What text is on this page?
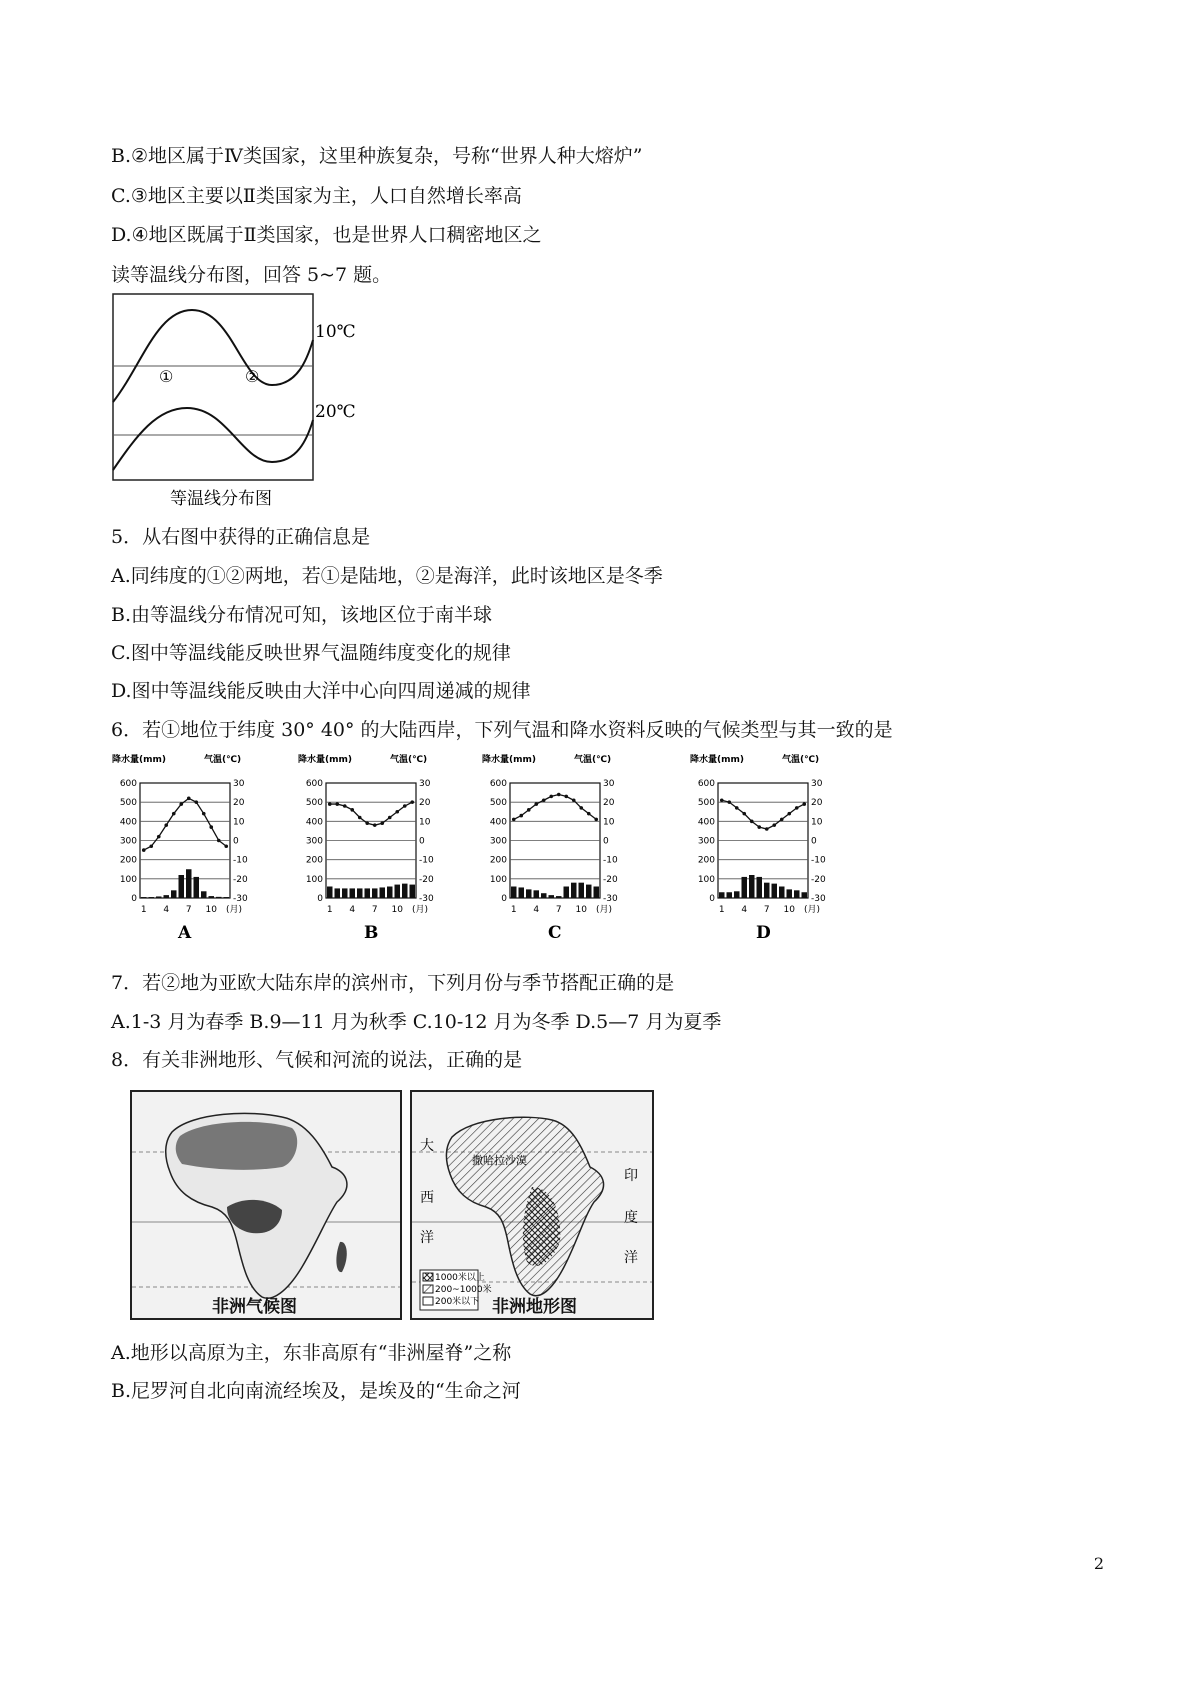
B.②地区属于Ⅳ类国家，这里种族复杂，号称“世界人种大熔炉”
C.③地区主要以Ⅱ类国家为主，人口自然增长率高
D.④地区既属于Ⅱ类国家，也是世界人口稠密地区之
读等温线分布图，回答 5~7 题。
10℃
20℃
①	②
等温线分布图
5．从右图中获得的正确信息是
A.同纬度的①②两地，若①是陆地，②是海洋，此时该地区是冬季
B.由等温线分布情况可知，该地区位于南半球
C.图中等温线能反映世界气温随纬度变化的规律
D.图中等温线能反映由大洋中心向四周递减的规律
6．若①地位于纬度 30° 40° 的大陆西岸，下列气温和降水资料反映的气候类型与其一致的是
降水量(mm)	气温(℃)
600	30
500	20
400	10
300	0
200	-10
100	-20
0	-30
1 4 7 10 (月)
A
降水量(mm)	气温(℃)
600	30
500	20
400	10
300	0
200	-10
100	-20
0	-30
1 4 7 10 (月)
B
降水量(mm)	气温(℃)
600	30
500	20
400	10
300	0
200	-10
100	-20
0	-30
1 4 7 10 (月)
C
降水量(mm)	气温(℃)
600	30
500	20
400	10
300	0
200	-10
100	-20
0	-30
1 4 7 10 (月)
D
7．若②地为亚欧大陆东岸的滨州市，下列月份与季节搭配正确的是
A.1-3 月为春季 B.9—11 月为秋季 C.10-12 月为冬季 D.5—7 月为夏季
8．有关非洲地形、气候和河流的说法，正确的是
非洲气候图
1000米以上
200~1000米
200米以下
大
西
洋
印
度
洋
撒哈拉沙漠
非洲地形图
A.地形以高原为主，东非高原有“非洲屋脊”之称
B.尼罗河自北向南流经埃及，是埃及的“生命之河
2
